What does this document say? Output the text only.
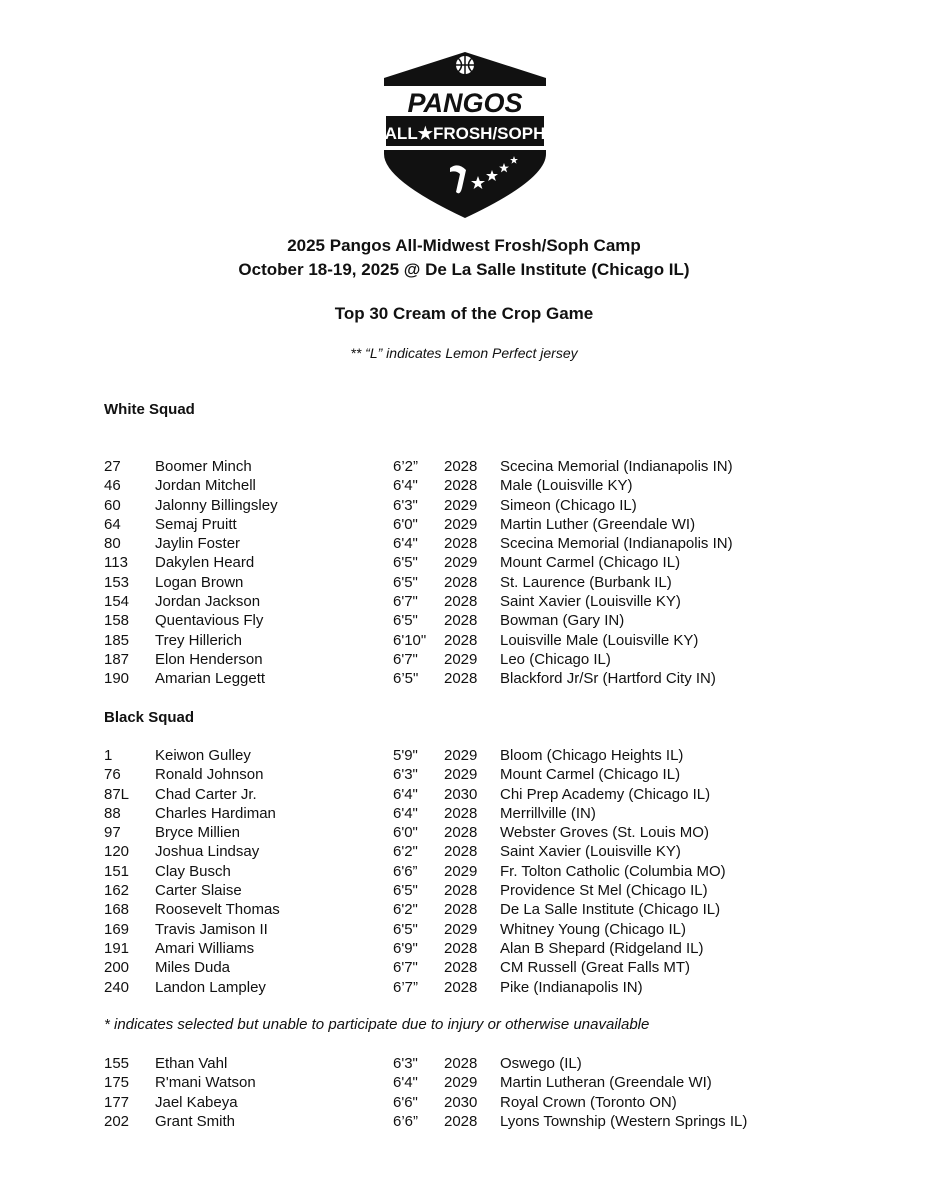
PANGOS
ALL★FROSH/SOPH
2025 Pangos All-Midwest Frosh/Soph Camp
October 18-19, 2025 @ De La Salle Institute (Chicago IL)
Top 30 Cream of the Crop Game
** “L” indicates Lemon Perfect jersey
White Squad
27 Boomer Minch	6’2” 2028 Scecina Memorial (Indianapolis IN)
46 Jordan Mitchell	6'4" 2028 Male (Louisville KY)
60 Jalonny Billingsley	6'3" 2029 Simeon (Chicago IL)
64 Semaj Pruitt	6'0" 2029 Martin Luther (Greendale WI)
80 Jaylin Foster	6'4" 2028 Scecina Memorial (Indianapolis IN)
113 Dakylen Heard	6'5" 2029 Mount Carmel (Chicago IL)
153 Logan Brown	6'5" 2028 St. Laurence (Burbank IL)
154 Jordan Jackson	6'7" 2028 Saint Xavier (Louisville KY)
158 Quentavious Fly	6'5" 2028 Bowman (Gary IN)
185 Trey Hillerich	6'10" 2028 Louisville Male (Louisville KY)
187 Elon Henderson	6'7" 2029 Leo (Chicago IL)
190 Amarian Leggett	6’5" 2028 Blackford Jr/Sr (Hartford City IN)
Black Squad
1	Keiwon Gulley	5'9" 2029 Bloom (Chicago Heights IL)
76 Ronald Johnson	6'3" 2029 Mount Carmel (Chicago IL)
87L Chad Carter Jr.	6'4" 2030 Chi Prep Academy (Chicago IL)
88 Charles Hardiman	6'4" 2028 Merrillville (IN)
97 Bryce Millien	6'0" 2028 Webster Groves (St. Louis MO)
120 Joshua Lindsay	6'2" 2028 Saint Xavier (Louisville KY)
151 Clay Busch	6'6” 2029 Fr. Tolton Catholic (Columbia MO)
162 Carter Slaise	6'5" 2028 Providence St Mel (Chicago IL)
168 Roosevelt Thomas	6'2" 2028 De La Salle Institute (Chicago IL)
169 Travis Jamison II	6'5" 2029 Whitney Young (Chicago IL)
191 Amari Williams	6'9" 2028 Alan B Shepard (Ridgeland IL)
200 Miles Duda	6'7" 2028 CM Russell (Great Falls MT)
240 Landon Lampley	6’7” 2028 Pike (Indianapolis IN)
* indicates selected but unable to participate due to injury or otherwise unavailable
155 Ethan Vahl	6'3" 2028 Oswego (IL)
175 R'mani Watson	6'4" 2029 Martin Lutheran (Greendale WI)
177 Jael Kabeya	6'6" 2030 Royal Crown (Toronto ON)
202 Grant Smith	6’6” 2028 Lyons Township (Western Springs IL)
